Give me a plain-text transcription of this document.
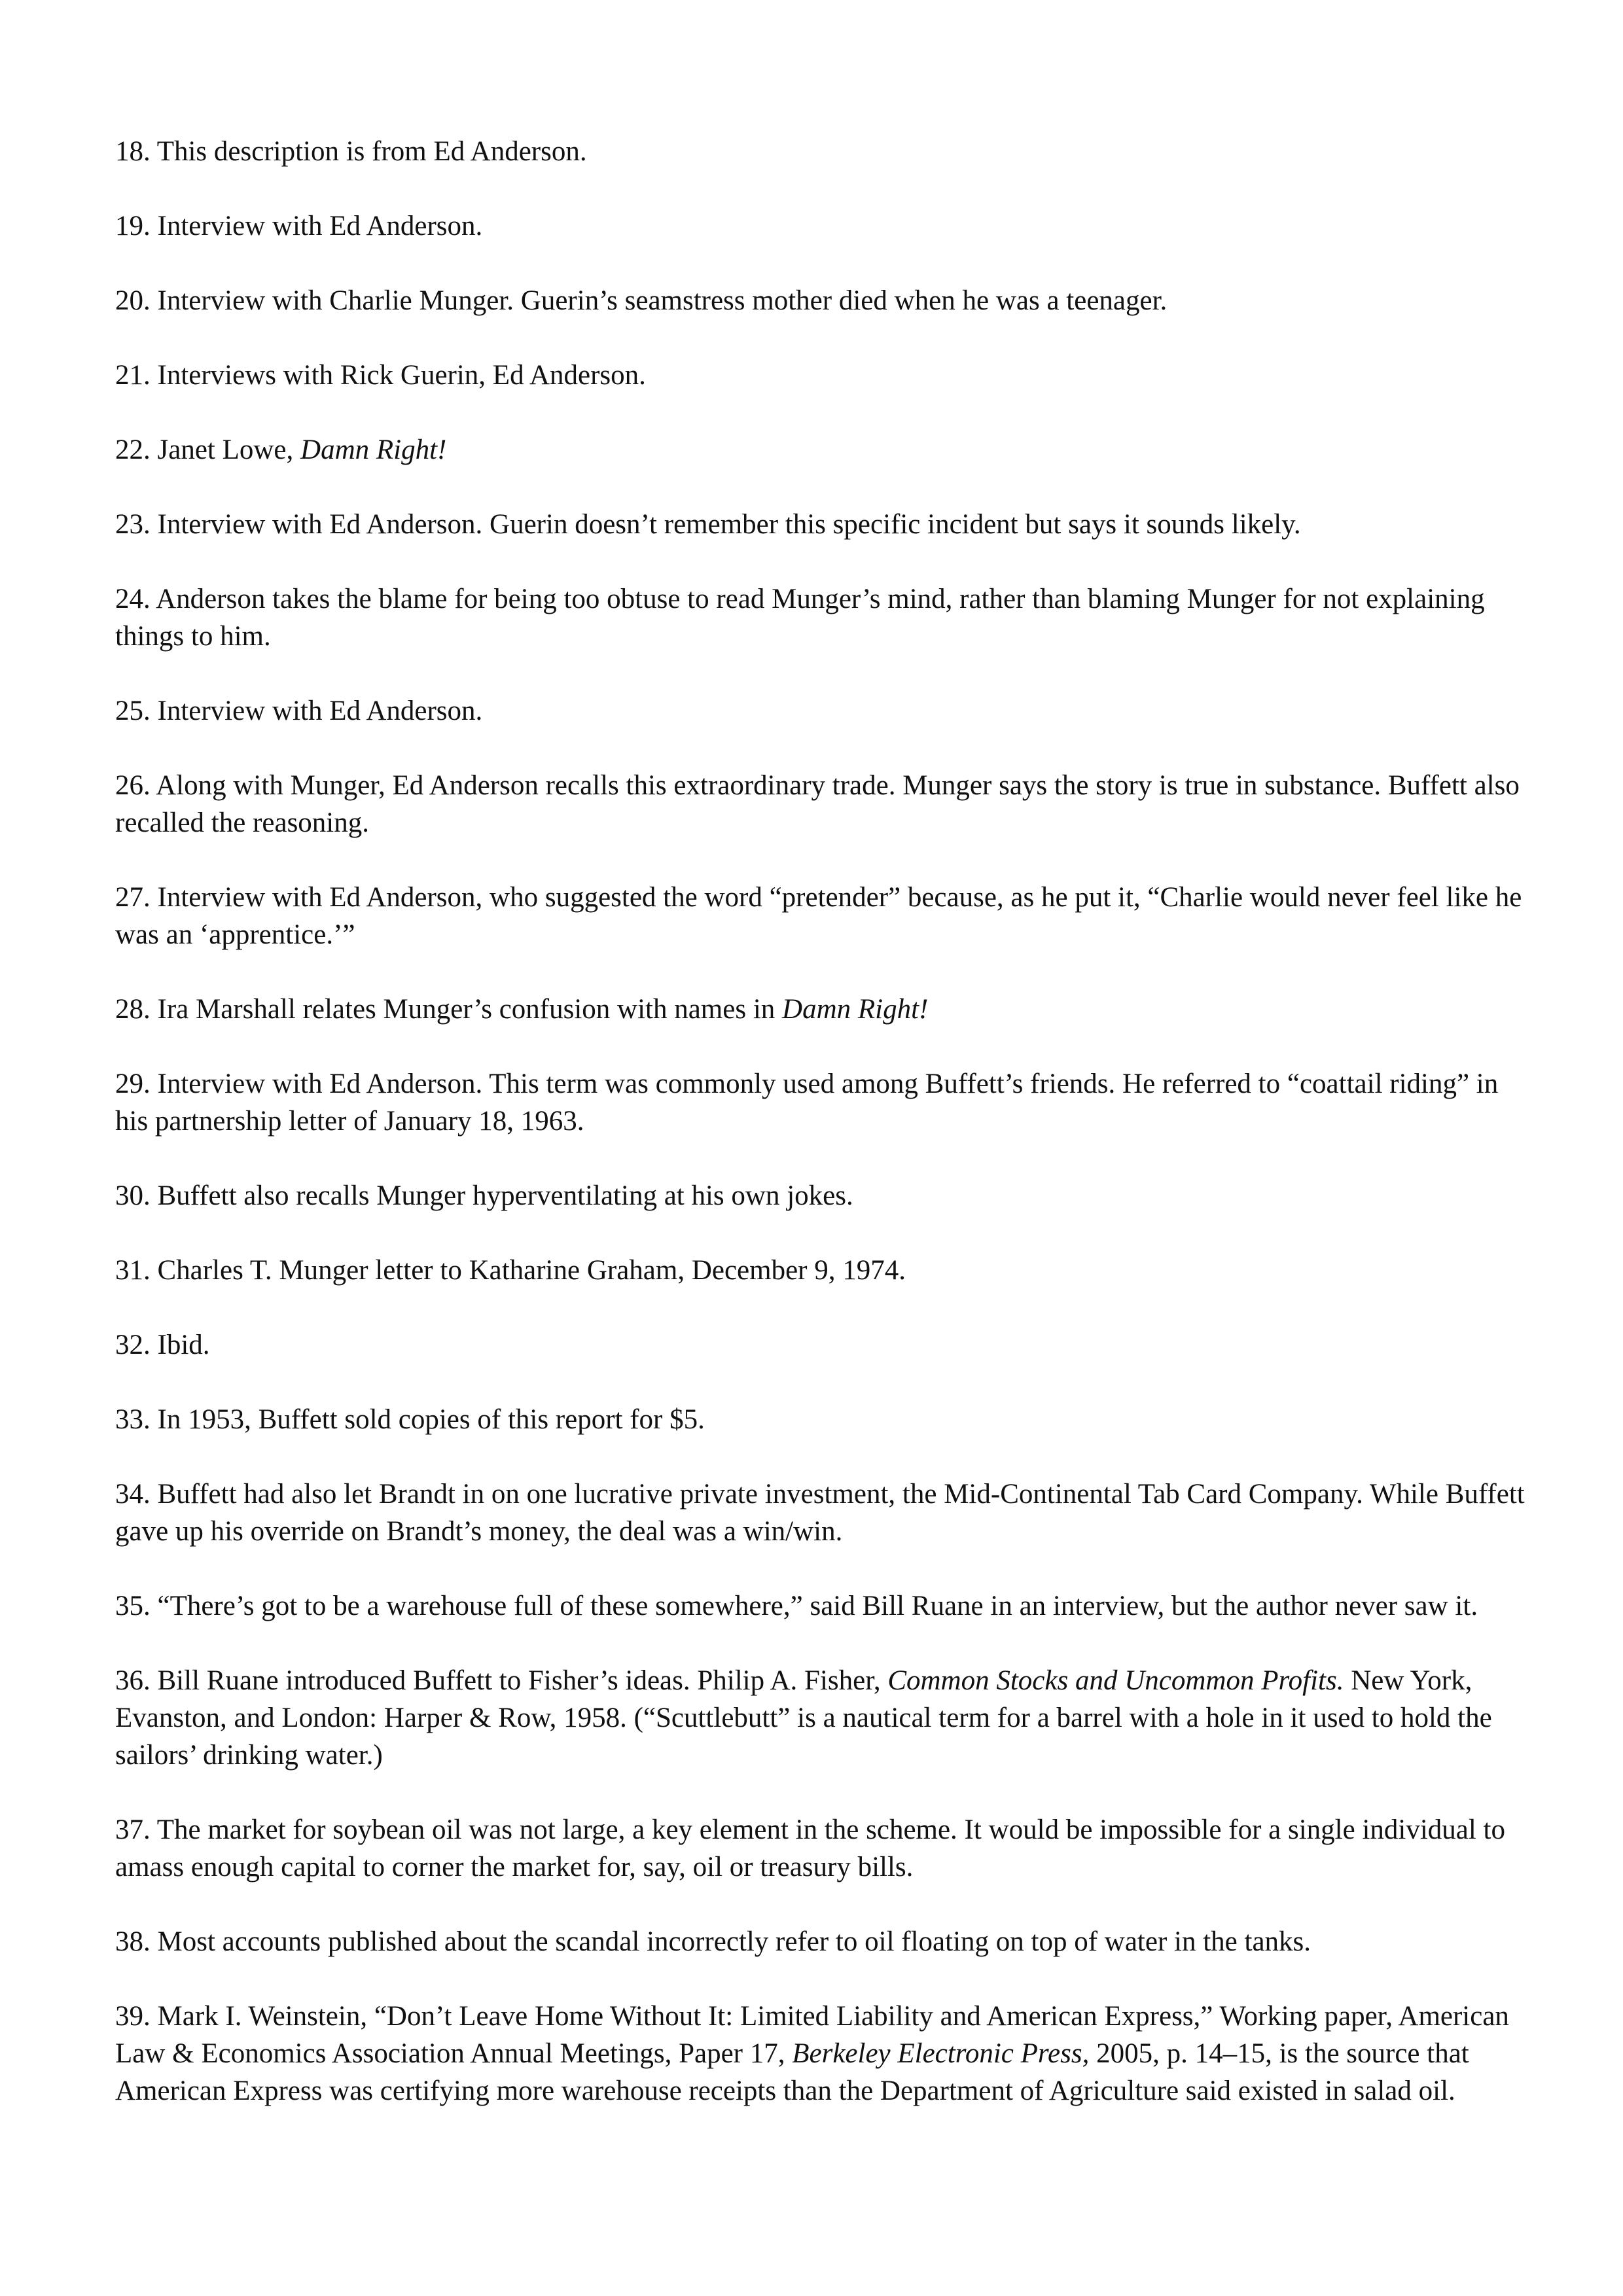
18. This description is from Ed Anderson.

19. Interview with Ed Anderson.

20. Interview with Charlie Munger. Guerin’s seamstress mother died when he was a teenager.

21. Interviews with Rick Guerin, Ed Anderson.

22. Janet Lowe, Damn Right!

23. Interview with Ed Anderson. Guerin doesn’t remember this specific incident but says it sounds likely.

24. Anderson takes the blame for being too obtuse to read Munger’s mind, rather than blaming Munger for not explaining things to him.

25. Interview with Ed Anderson.

26. Along with Munger, Ed Anderson recalls this extraordinary trade. Munger says the story is true in substance. Buffett also recalled the reasoning.

27. Interview with Ed Anderson, who suggested the word “pretender” because, as he put it, “Charlie would never feel like he was an ‘apprentice.’”

28. Ira Marshall relates Munger’s confusion with names in Damn Right!

29. Interview with Ed Anderson. This term was commonly used among Buffett’s friends. He referred to “coattail riding” in his partnership letter of January 18, 1963.

30. Buffett also recalls Munger hyperventilating at his own jokes.

31. Charles T. Munger letter to Katharine Graham, December 9, 1974.

32. Ibid.

33. In 1953, Buffett sold copies of this report for $5.

34. Buffett had also let Brandt in on one lucrative private investment, the Mid-Continental Tab Card Company. While Buffett gave up his override on Brandt’s money, the deal was a win/win.

35. “There’s got to be a warehouse full of these somewhere,” said Bill Ruane in an interview, but the author never saw it.

36. Bill Ruane introduced Buffett to Fisher’s ideas. Philip A. Fisher, Common Stocks and Uncommon Profits. New York, Evanston, and London: Harper & Row, 1958. (“Scuttlebutt” is a nautical term for a barrel with a hole in it used to hold the sailors’ drinking water.)

37. The market for soybean oil was not large, a key element in the scheme. It would be impossible for a single individual to amass enough capital to corner the market for, say, oil or treasury bills.

38. Most accounts published about the scandal incorrectly refer to oil floating on top of water in the tanks.

39. Mark I. Weinstein, “Don’t Leave Home Without It: Limited Liability and American Express,” Working paper, American Law & Economics Association Annual Meetings, Paper 17, Berkeley Electronic Press, 2005, p. 14–15, is the source that American Express was certifying more warehouse receipts than the Department of Agriculture said existed in salad oil.
